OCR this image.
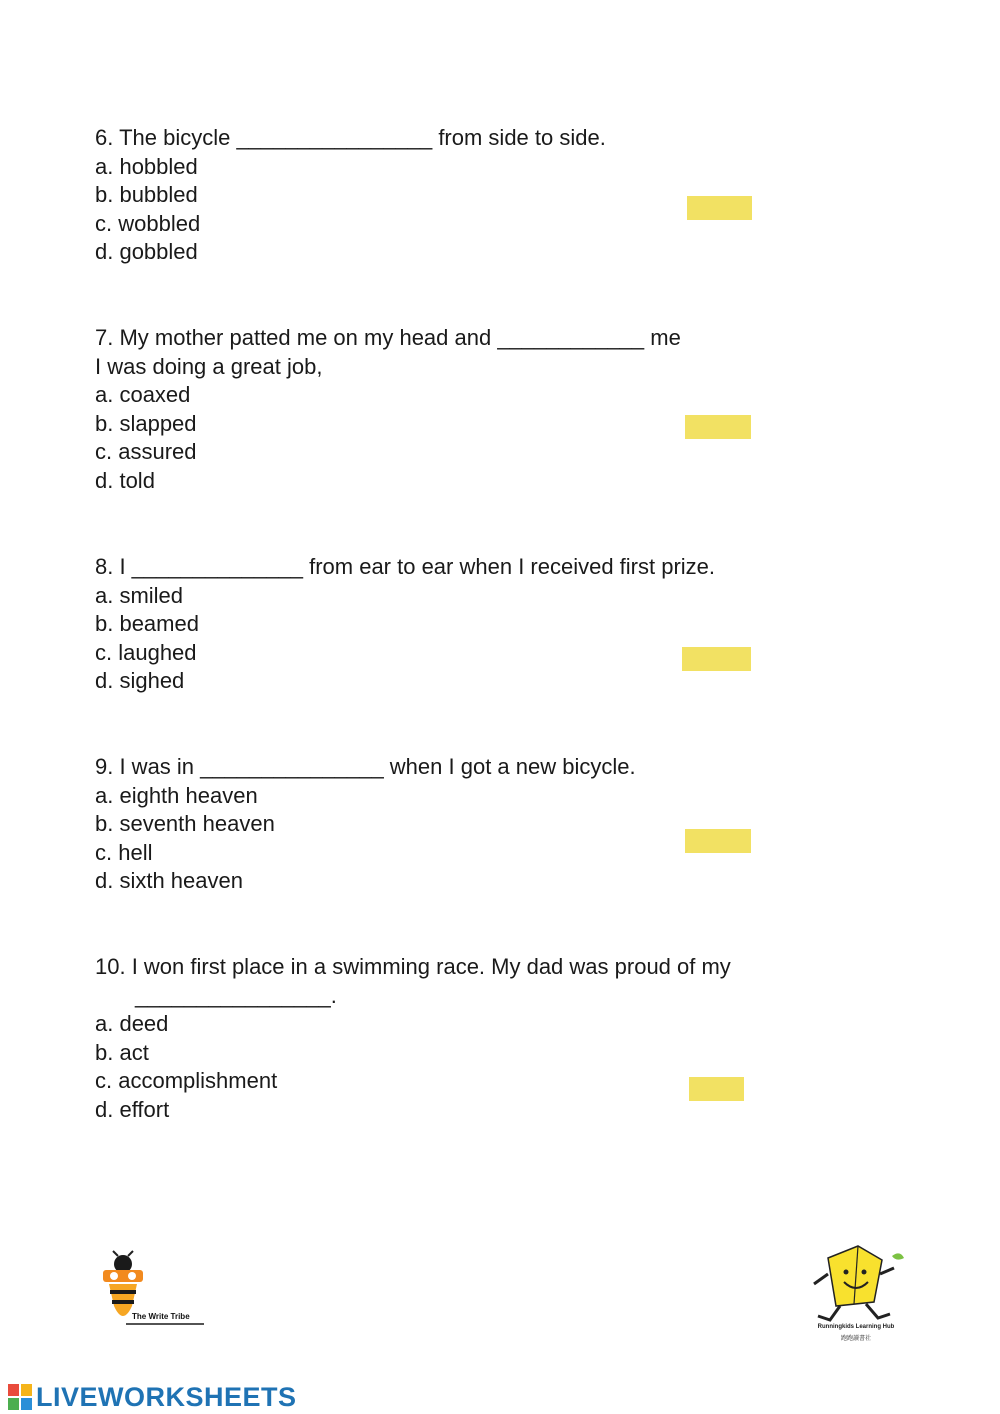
6. The bicycle ________________ from side to side.
a. hobbled
b. bubbled
c. wobbled
d. gobbled
7. My mother patted me on my head and ____________ me
I was doing a great job,
a. coaxed
b. slapped
c. assured
d. told
8. I ______________ from ear to ear when I received first prize.
a. smiled
b. beamed
c. laughed
d. sighed
9. I was in _______________ when I got a new bicycle.
a. eighth heaven
b. seventh heaven
c. hell
d. sixth heaven
10. I won first place in a swimming race. My dad was proud of my
________________.
a. deed
b. act
c. accomplishment
d. effort
The Write Tribe
Runningkids Learning Hub
跑跑讀書社
LIVEWORKSHEETS
